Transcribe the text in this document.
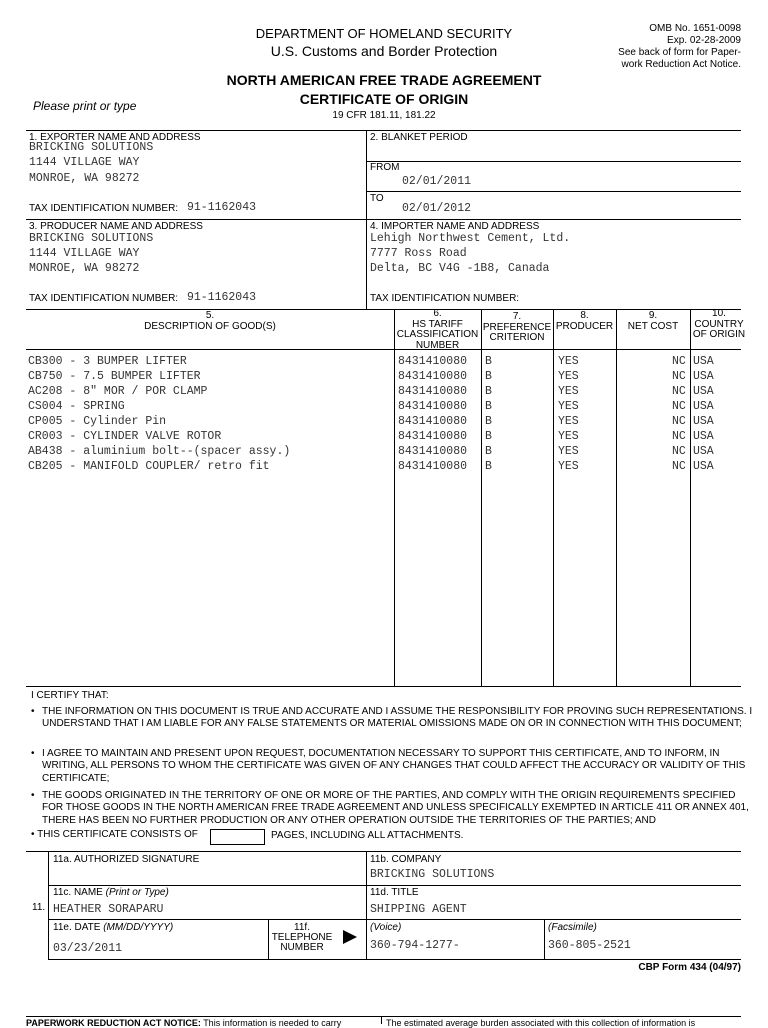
DEPARTMENT OF HOMELAND SECURITY
U.S. Customs and Border Protection
OMB No. 1651-0098
Exp. 02-28-2009
See back of form for Paper-
work Reduction Act Notice.
NORTH AMERICAN FREE TRADE AGREEMENT
CERTIFICATE OF ORIGIN
19 CFR 181.11, 181.22
Please print or type
1. EXPORTER NAME AND ADDRESS
BRICKING SOLUTIONS
1144 VILLAGE WAY
MONROE, WA 98272
TAX IDENTIFICATION NUMBER: 91-1162043
2. BLANKET PERIOD
FROM
02/01/2011
TO
02/01/2012
3. PRODUCER NAME AND ADDRESS
BRICKING SOLUTIONS
1144 VILLAGE WAY
MONROE, WA 98272
TAX IDENTIFICATION NUMBER: 91-1162043
4. IMPORTER NAME AND ADDRESS
Lehigh Northwest Cement, Ltd.
7777 Ross Road
Delta, BC V4G -1B8, Canada
TAX IDENTIFICATION NUMBER:
5.
DESCRIPTION OF GOOD(S)
6.
HS TARIFF
CLASSIFICATION
NUMBER
7.
PREFERENCE
CRITERION
8.
PRODUCER
9.
NET COST
10.
COUNTRY
OF ORIGIN
CB300 - 3 BUMPER LIFTER	8431410080 B	YES	NC USA
CB750 - 7.5 BUMPER LIFTER	8431410080 B	YES	NC USA
AC208 - 8" MOR / POR CLAMP	8431410080 B	YES	NC USA
CS004 - SPRING	8431410080 B	YES	NC USA
CP005 - Cylinder Pin	8431410080 B	YES	NC USA
CR003 - CYLINDER VALVE ROTOR	8431410080 B	YES	NC USA
AB438 - aluminium bolt--(spacer assy.)	8431410080 B	YES	NC USA
CB205 - MANIFOLD COUPLER/ retro fit	8431410080 B	YES	NC USA
I CERTIFY THAT:
• THE INFORMATION ON THIS DOCUMENT IS TRUE AND ACCURATE AND I ASSUME THE RESPONSIBILITY FOR PROVING SUCH REPRESENTATIONS. I UNDERSTAND THAT I AM LIABLE FOR ANY FALSE STATEMENTS OR MATERIAL OMISSIONS MADE ON OR IN CONNECTION WITH THIS DOCUMENT;
• I AGREE TO MAINTAIN AND PRESENT UPON REQUEST, DOCUMENTATION NECESSARY TO SUPPORT THIS CERTIFICATE, AND TO INFORM, IN WRITING, ALL PERSONS TO WHOM THE CERTIFICATE WAS GIVEN OF ANY CHANGES THAT COULD AFFECT THE ACCURACY OR VALIDITY OF THIS CERTIFICATE;
• THE GOODS ORIGINATED IN THE TERRITORY OF ONE OR MORE OF THE PARTIES, AND COMPLY WITH THE ORIGIN REQUIREMENTS SPECIFIED FOR THOSE GOODS IN THE NORTH AMERICAN FREE TRADE AGREEMENT AND UNLESS SPECIFICALLY EXEMPTED IN ARTICLE 411 OR ANNEX 401, THERE HAS BEEN NO FURTHER PRODUCTION OR ANY OTHER OPERATION OUTSIDE THE TERRITORIES OF THE PARTIES; AND
• THIS CERTIFICATE CONSISTS OF	PAGES, INCLUDING ALL ATTACHMENTS.
11.
11a. AUTHORIZED SIGNATURE	11b. COMPANY
BRICKING SOLUTIONS
11c. NAME (Print or Type)
HEATHER SORAPARU
11d. TITLE
SHIPPING AGENT
11e. DATE (MM/DD/YYYY)
03/23/2011
11f.
TELEPHONE
NUMBER
(Voice)
360-794-1277-
(Facsimile)
360-805-2521
CBP Form 434 (04/97)
PAPERWORK REDUCTION ACT NOTICE: This information is needed to carry	The estimated average burden associated with this collection of information is
